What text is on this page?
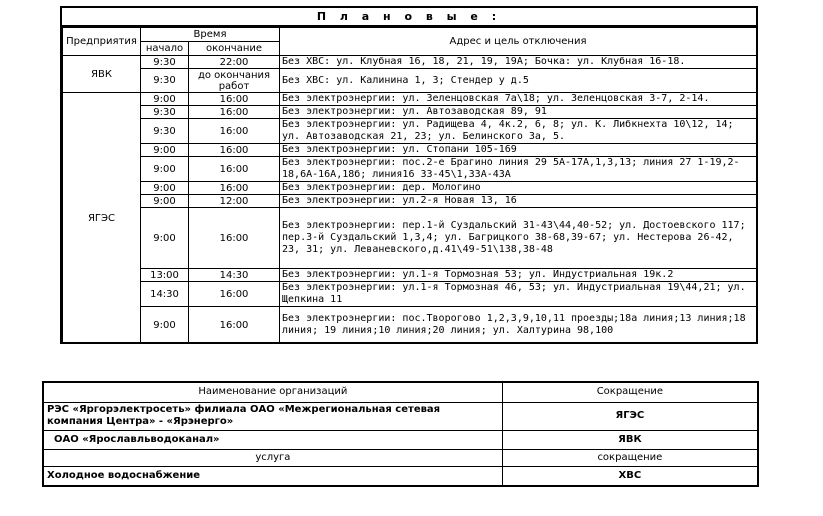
П л а н о в ы е :
Предприятия	Время		Адрес и цель отключения
	начало	окончание	
ЯВК	9:30	22:00	Без ХВС: ул. Клубная 16, 18, 21, 19, 19А; Бочка: ул. Клубная 16-18.
	9:30	до окончания работ	Без ХВС: ул. Калинина 1, 3; Стендер у д.5
ЯГЭС	9:00	16:00	Без электроэнергии: ул. Зеленцовская 7а\18; ул. Зеленцовская 3-7, 2-14.
	9:30	16:00	Без электроэнергии: ул. Автозаводская 89, 91
	9:30	16:00	Без электроэнергии: ул. Радищева 4, 4к.2, 6, 8; ул. К. Либкнехта 10\12, 14; ул. Автозаводская 21, 23; ул. Белинского 3а, 5.
	9:00	16:00	Без электроэнергии: ул. Стопани 105-169
	9:00	16:00	Без электроэнергии: пос.2-е Брагино линия 29 5А-17А,1,3,13; линия 27 1-19,2-18,6А-16А,18б; линия16 33-45\1,33А-43А
	9:00	16:00	Без электроэнергии: дер. Мологино
	9:00	12:00	Без электроэнергии: ул.2-я Новая 13, 16
	9:00	16:00	Без электроэнергии: пер.1-й Суздальский 31-43\44,40-52; ул. Достоевского 117; пер.3-й Суздальский 1,3,4; ул. Багрицкого 38-68,39-67; ул. Нестерова 26-42, 23, 31; ул. Леваневского,д.41\49-51\138,38-48
	13:00	14:30	Без электроэнергии: ул.1-я Тормозная 53; ул. Индустриальная 19к.2
	14:30	16:00	Без электроэнергии: ул.1-я Тормозная 46, 53; ул. Индустриальная 19\44,21; ул. Щепкина 11
	9:00	16:00	Без электроэнергии: пос.Творогово 1,2,3,9,10,11 проезды;18а линия;13 линия;18 линия; 19 линия;10 линия;20 линия; ул. Халтурина 98,100
Наименование организаций	Сокращение
РЭС «Яргорэлектросеть» филиала ОАО «Межрегиональная сетевая компания Центра» - «Ярэнерго»	ЯГЭС
ОАО «Ярославльводоканал»	ЯВК
услуга	сокращение
Холодное водоснабжение	ХВС
